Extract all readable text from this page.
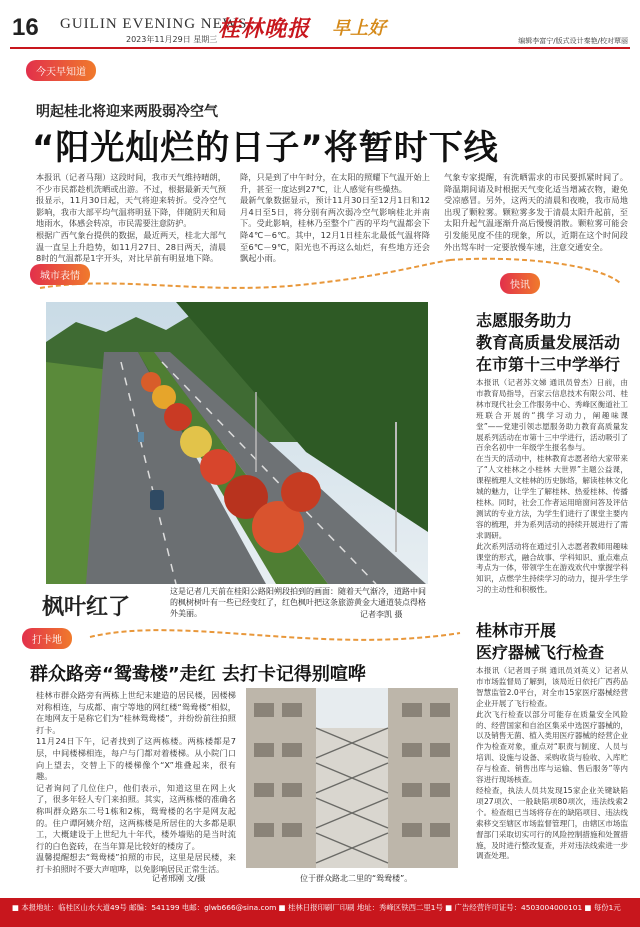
16 GUILIN EVENING NEWS
2023年11月29日 星期三 桂林晚报 早上好
编辑李富宁/版式设计秦艳/校对覃丽
今天早知道
明起桂北将迎来两股弱冷空气
“阳光灿烂的日子”将暂时下线
本报讯（记者马翔）这段时间，我市天气维持晴朗，不少市民都趁机洗晒或出游。不过，根据最新天气预报显示，11月30日起，天气将迎来转折。受冷空气影响，我市大部平均气温将明显下降，伴随阴天和局地雨水，体感会转凉，市民需要注意防护。
根据广西气象台提供的数据，最近两天，桂北大部气温一直呈上升趋势，如11月27日、28日两天，清晨8时的气温都是1字开头，对比早前有明显地下降。
降，只是到了中午时分，在太阳的照耀下气温开始上升，甚至一度达到27℃，让人感觉有些燥热。
最新气象数据显示，预计11月30日至12月1日和12月4日至5日，将分别有两次弱冷空气影响桂北并南下。受此影响，桂林乃至整个广西的平均气温都会下降4℃－6℃。其中，12月1日桂东北最低气温将降至6℃－9℃，阳光也不再这么灿烂，有些地方还会飘起小雨。
气象专家提醒，有洗晒需求的市民要抓紧时间了。降温期间请及时根据天气变化适当增减衣物，避免受凉感冒。另外，这两天的清晨和夜晚，我市局地出现了颗粒雾。颗粒雾多发于清晨太阳升起前，至太阳升起气温逐渐升高后慢慢消散。颗粒雾可能会引发能见度不佳的现象，所以，近期在这个时间段外出驾车时一定要放慢车速，注意交通安全。
城市表情
这是记者几天前在桂阳公路阳朔段拍到的画面：随着天气渐冷，道路中间的枫树树叶有一些已经变红了，红色枫叶把这条旅游黄金大通道装点得格外美丽。	记者李凯 摄
枫叶红了
快讯
志愿服务助力
教育高质量发展活动
在市第十三中学举行
本报讯（记者苏文娣 通讯员曾杰）日前，由市教育局指导，百家云信息技术有限公司、桂林市现代社会工作服务中心、秀峰区衡道社工班联合开展的“携学习动力，阐趣味课堂”——党建引领志愿服务助力教育高质量发展系列活动在市第十三中学进行，活动吸引了百余名初中一年级学生报名参与。
在当天的活动中，桂林教育志愿者给大家带来了“人文桂林之小桂林 大世界”主题公益课，课程梳理人文桂林的历史脉络，解读桂林文化城的魅力，让学生了解桂林、热爱桂林、传播桂林。同时，社会工作者运用暗窗问答及评估测试的专业方法，为学生们进行了课堂主要内容的梳理，并为系列活动的持续开展进行了需求调研。
此次系列活动将在通过引入志愿者教师用趣味课堂的形式，融合故事、学科知识、重点难点考点为一体，带领学生在游戏欢代中掌握学科知识，点燃学生持续学习的动力，提升学生学习的主动性和积极性。
桂林市开展
医疗器械飞行检查
本报讯（记者周子琪 通讯员刘英义）记者从市市场监督局了解到，该局近日依托广西药品智慧监管2.0平台，对全市15家医疗器械经营企业开展了飞行检查。
此次飞行检查以部分可能存在质量安全风险的、经营国家和自治区集采中选医疗器械的，以及销售无菌、植入类用医疗器械的经营企业作为检查对象，重点对“职责与制度、人员与培训、设施与设备、采购收货与验收、入库贮存与检查、销售出库与运输、售后服务”等内容进行现场核查。
经检查，执法人员共发现15家企业关键缺陷项27项次、一般缺陷项80项次，违法线索2个。检查组已当场将存在的缺陷项目、违法线索移交至辖区市场监督管理门，由辖区市场监督部门采取切实可行的风险控制措施和处置措施，及时进行整改复查，并对违法线索进一步调查处理。
打卡地
群众路旁“鸳鸯楼”走红 去打卡记得别喧哗
桂林市群众路旁有两栋上世纪末建造的居民楼，因楼梯对称相连，与成都、南宁等地的网红楼“鸳鸯楼”相似，在地网友于是称它们为“桂林鸳鸯楼”，并纷纷前往拍照打卡。
11月24日下午，记者找到了这两栋楼。两栋楼都是7层，中间楼梯相连，每户与门都对着楼梯。从小院门口向上望去，交替上下的楼梯像个“X”堆叠起来，很有趣。
记者询问了几位住户，他们表示，知道这里在网上火了，很多年轻人专门来拍照。其实，这两栋楼的准确名称叫群众路东二号1栋和2栋，鸳鸯楼的名字是网友起的。住户谭阿姨介绍，这两栋楼是所居住的大多都是职工，大概建设于上世纪九十年代，楼外墙贴的是当时流行的白色瓷砖，在当年算是比较好的楼房了。
温馨提醒想去“鸳鸯楼”拍照的市民，这里是居民楼，来打卡拍照时不要大声喧哗，以免影响居民正常生活。
记者邢刚 文/摄	位于群众路北二里的“鸳鸯楼”。
■ 本报地址：临桂区山水大道49号 邮编：541199 电邮：glwb666@sina.com ■ 桂林日报印刷厂印刷 地址：秀峰区铁西二里1号 ■ 广告经营许可证号：4503004000101 ■ 每份1元
